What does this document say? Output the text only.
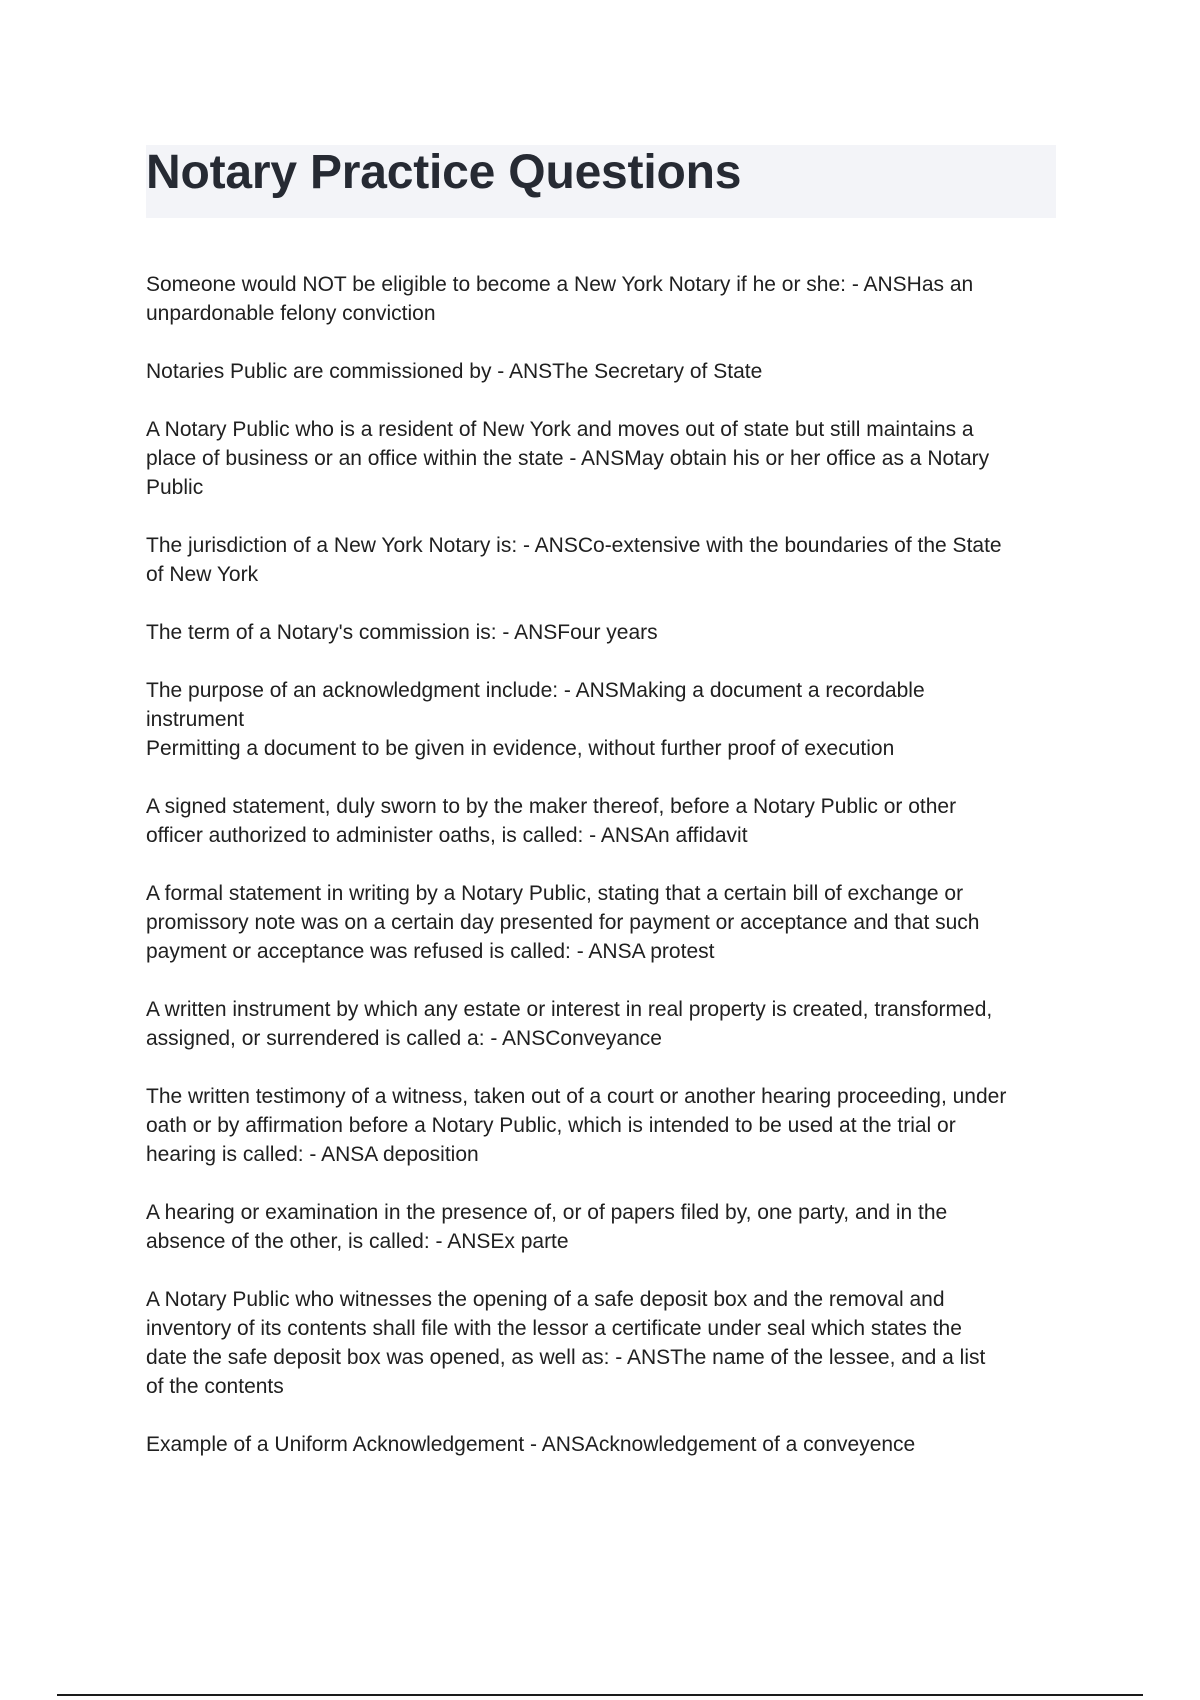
Notary Practice Questions

Someone would NOT be eligible to become a New York Notary if he or she: - ANSHas an
unpardonable felony conviction

Notaries Public are commissioned by - ANSThe Secretary of State

A Notary Public who is a resident of New York and moves out of state but still maintains a
place of business or an office within the state - ANSMay obtain his or her office as a Notary
Public

The jurisdiction of a New York Notary is: - ANSCo-extensive with the boundaries of the State
of New York

The term of a Notary's commission is: - ANSFour years

The purpose of an acknowledgment include: - ANSMaking a document a recordable
instrument
Permitting a document to be given in evidence, without further proof of execution

A signed statement, duly sworn to by the maker thereof, before a Notary Public or other
officer authorized to administer oaths, is called: - ANSAn affidavit

A formal statement in writing by a Notary Public, stating that a certain bill of exchange or
promissory note was on a certain day presented for payment or acceptance and that such
payment or acceptance was refused is called: - ANSA protest

A written instrument by which any estate or interest in real property is created, transformed,
assigned, or surrendered is called a: - ANSConveyance

The written testimony of a witness, taken out of a court or another hearing proceeding, under
oath or by affirmation before a Notary Public, which is intended to be used at the trial or
hearing is called: - ANSA deposition

A hearing or examination in the presence of, or of papers filed by, one party, and in the
absence of the other, is called: - ANSEx parte

A Notary Public who witnesses the opening of a safe deposit box and the removal and
inventory of its contents shall file with the lessor a certificate under seal which states the
date the safe deposit box was opened, as well as: - ANSThe name of the lessee, and a list
of the contents

Example of a Uniform Acknowledgement - ANSAcknowledgement of a conveyence
